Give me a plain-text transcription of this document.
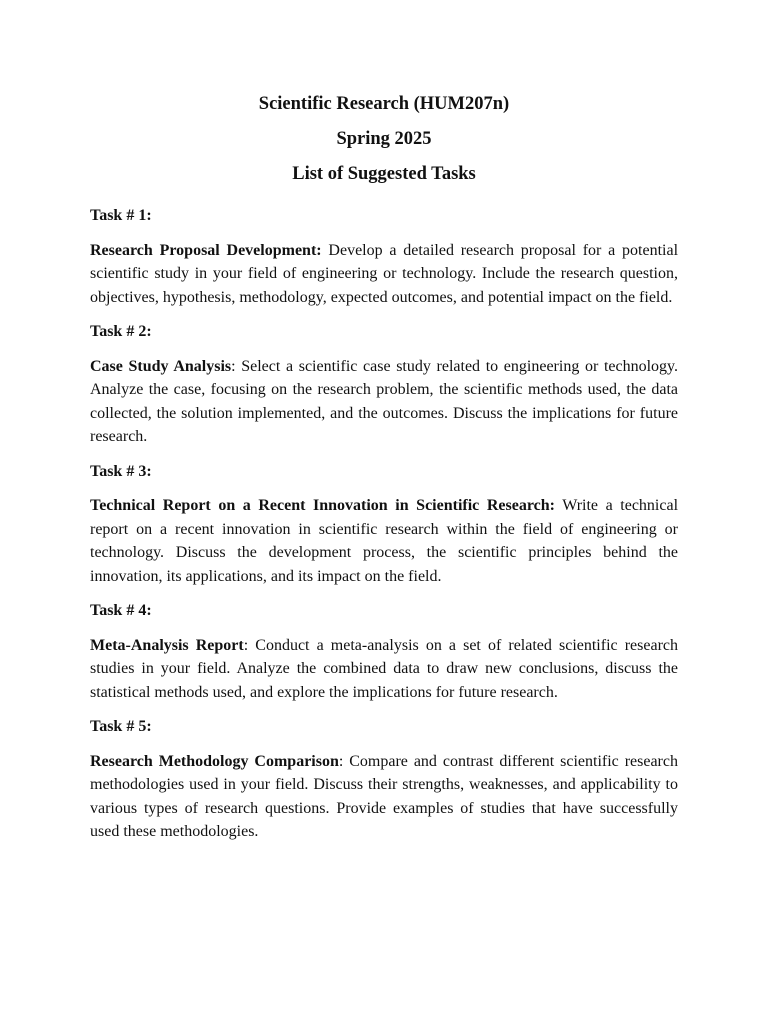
Scientific Research (HUM207n)

Spring 2025

List of Suggested Tasks

Task # 1:

Research Proposal Development: Develop a detailed research proposal for a potential scientific study in your field of engineering or technology. Include the research question, objectives, hypothesis, methodology, expected outcomes, and potential impact on the field.

Task # 2:

Case Study Analysis: Select a scientific case study related to engineering or technology. Analyze the case, focusing on the research problem, the scientific methods used, the data collected, the solution implemented, and the outcomes. Discuss the implications for future research.

Task # 3:

Technical Report on a Recent Innovation in Scientific Research: Write a technical report on a recent innovation in scientific research within the field of engineering or technology. Discuss the development process, the scientific principles behind the innovation, its applications, and its impact on the field.

Task # 4:

Meta-Analysis Report: Conduct a meta-analysis on a set of related scientific research studies in your field. Analyze the combined data to draw new conclusions, discuss the statistical methods used, and explore the implications for future research.

Task # 5:

Research Methodology Comparison: Compare and contrast different scientific research methodologies used in your field. Discuss their strengths, weaknesses, and applicability to various types of research questions. Provide examples of studies that have successfully used these methodologies.
